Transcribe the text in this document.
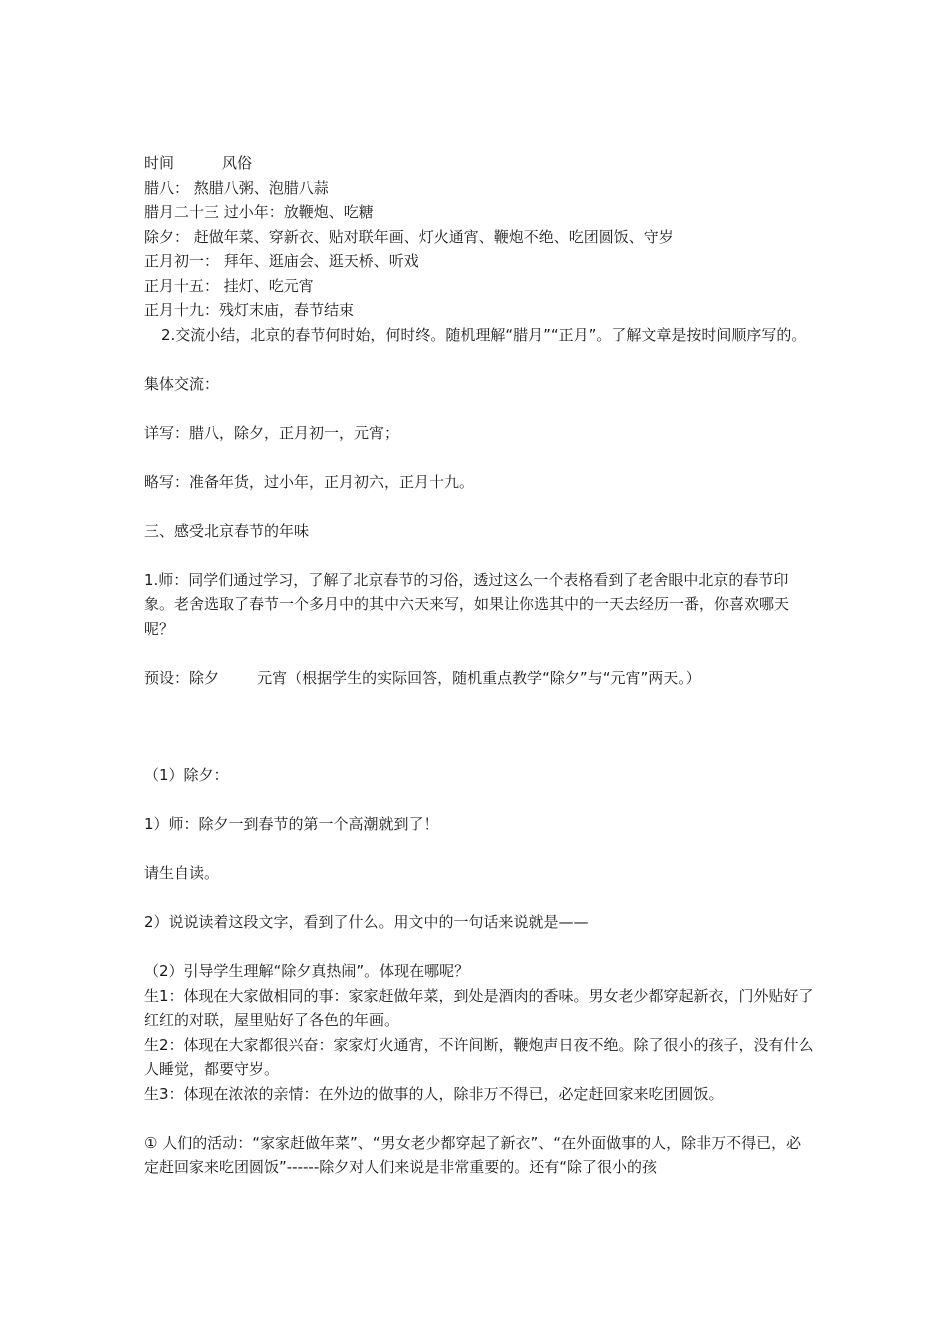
时间	风俗
腊八： 熬腊八粥、泡腊八蒜
腊月二十三 过小年：放鞭炮、吃糖
除夕： 赶做年菜、穿新衣、贴对联年画、灯火通宵、鞭炮不绝、吃团圆饭、守岁
正月初一： 拜年、逛庙会、逛天桥、听戏
正月十五： 挂灯、吃元宵
正月十九：残灯末庙，春节结束
2.交流小结，北京的春节何时始，何时终。随机理解“腊月”“正月”。了解文章是按时间顺序写的。
集体交流：
详写：腊八，除夕，正月初一，元宵；
略写：准备年货，过小年，正月初六，正月十九。
三、感受北京春节的年味
1.师：同学们通过学习，了解了北京春节的习俗，透过这么一个表格看到了老舍眼中北京的春节印象。老舍选取了春节一个多月中的其中六天来写，如果让你选其中的一天去经历一番，你喜欢哪天呢？
预设：除夕        元宵（根据学生的实际回答，随机重点教学“除夕”与“元宵”两天。）
（1）除夕：
1）师：除夕一到春节的第一个高潮就到了！
请生自读。
2）说说读着这段文字，看到了什么。用文中的一句话来说就是——
（2）引导学生理解“除夕真热闹”。体现在哪呢？
生1：体现在大家做相同的事：家家赶做年菜，到处是酒肉的香味。男女老少都穿起新衣，门外贴好了红红的对联，屋里贴好了各色的年画。
生2：体现在大家都很兴奋：家家灯火通宵，不许间断，鞭炮声日夜不绝。除了很小的孩子，没有什么人睡觉，都要守岁。
生3：体现在浓浓的亲情：在外边的做事的人，除非万不得已，必定赶回家来吃团圆饭。
① 人们的活动：“家家赶做年菜”、“男女老少都穿起了新衣”、“在外面做事的人，除非万不得已，必定赶回家来吃团圆饭”------除夕对人们来说是非常重要的。还有“除了很小的孩
